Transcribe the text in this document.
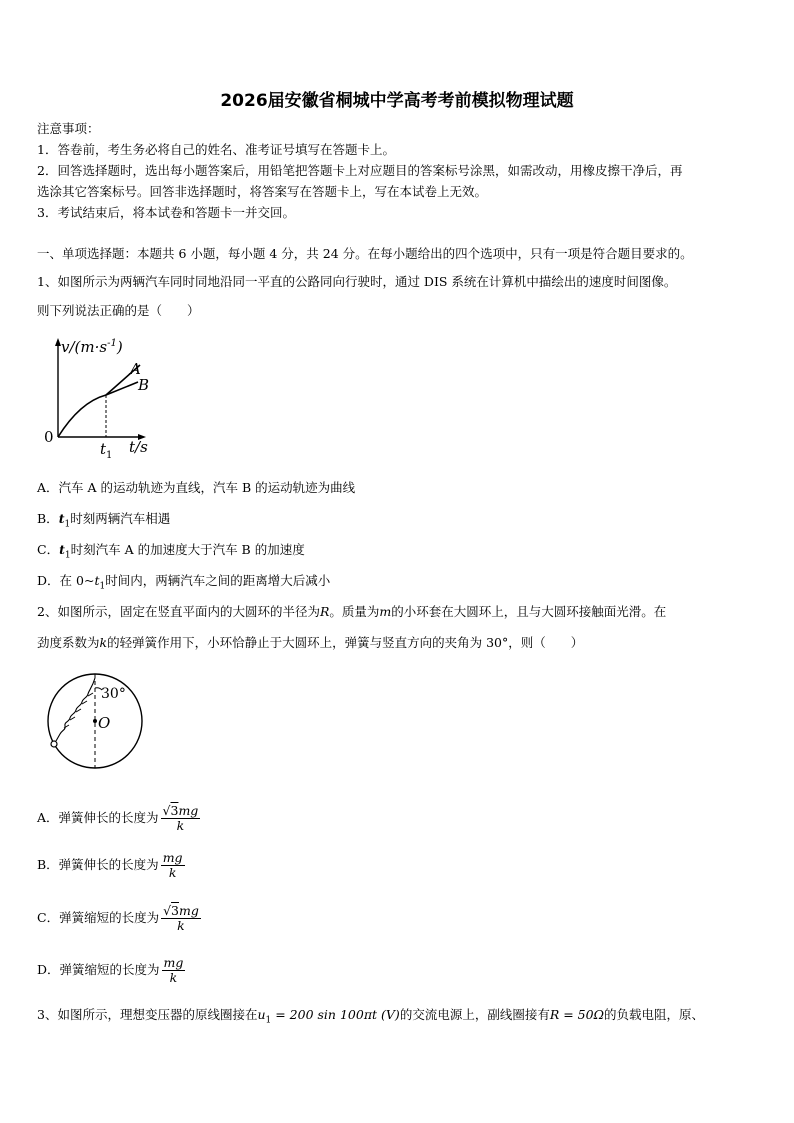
2026届安徽省桐城中学高考考前模拟物理试题
注意事项：
1．答卷前，考生务必将自己的姓名、准考证号填写在答题卡上。
2．回答选择题时，选出每小题答案后，用铅笔把答题卡上对应题目的答案标号涂黑，如需改动，用橡皮擦干净后，再
选涂其它答案标号。回答非选择题时，将答案写在答题卡上，写在本试卷上无效。
3．考试结束后，将本试卷和答题卡一并交回。
一、单项选择题：本题共 6 小题，每小题 4 分，共 24 分。在每小题给出的四个选项中，只有一项是符合题目要求的。
1、如图所示为两辆汽车同时同地沿同一平直的公路同向行驶时，通过 DIS 系统在计算机中描绘出的速度时间图像。
则下列说法正确的是（　　）
$v/(m\cdot s^{-1})$
0
$t_1$ t/s
A
B
A．汽车 A 的运动轨迹为直线，汽车 B 的运动轨迹为曲线
B．$t_1$时刻两辆汽车相遇
C．$t_1$时刻汽车 A 的加速度大于汽车 B 的加速度
D．在 $0\sim t_1$时间内，两辆汽车之间的距离增大后减小
2、如图所示，固定在竖直平面内的大圆环的半径为R。质量为m的小环套在大圆环上，且与大圆环接触面光滑。在
劲度系数为k的轻弹簧作用下，小环恰静止于大圆环上，弹簧与竖直方向的夹角为 30°，则（　　）
30°
O
A．弹簧伸长的长度为 $\frac{√3mg}{k}$
B．弹簧伸长的长度为 $\frac{mg}{k}$
C．弹簧缩短的长度为 $\frac{√3mg}{k}$
D．弹簧缩短的长度为 $\frac{mg}{k}$
3、如图所示，理想变压器的原线圈接在$u_1 = 200$ sin 100πt (V)的交流电源上，副线圈接有R = 50Ω的负载电阻，原、
